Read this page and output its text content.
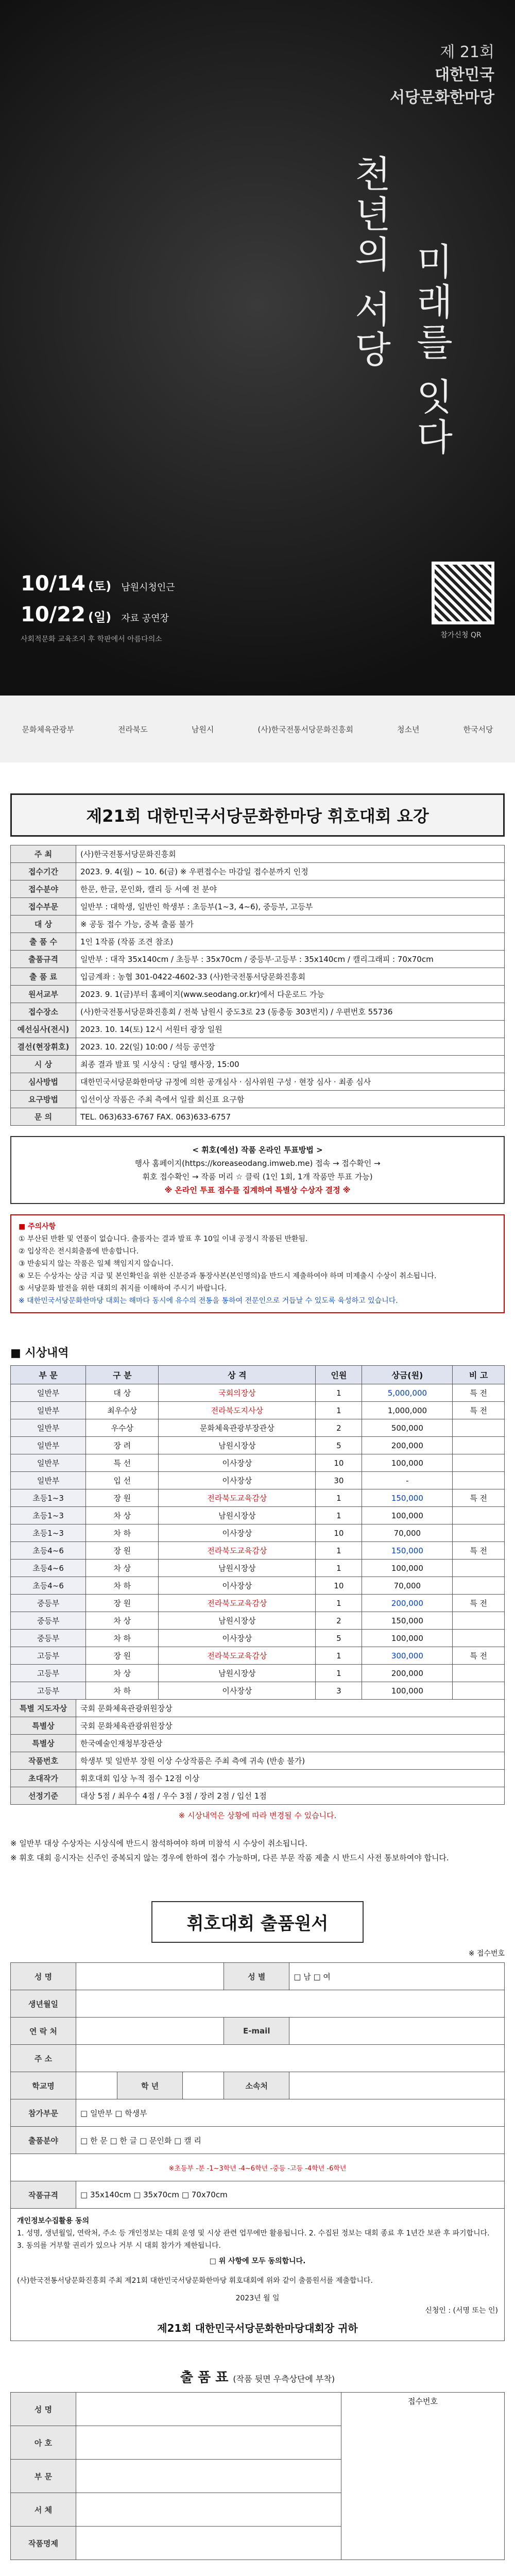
제 21회
대한민국
서당문화한마당
천년의 서당 미래를 잇다
10/14 (토) 남원시청인근
10/22 (일) 자료 공연장
사회적문화 교육조지 후 학판에서 아름다의소	참가신청 QR
문화체육관광부	전라북도	남원시	(사)한국전통서당문화진흥회	청소년	한국서당
제21회 대한민국서당문화한마당 휘호대회 요강
주 최	(사)한국전통서당문화진흥회
접수기간	2023. 9. 4(월) ~ 10. 6(금) ※ 우편접수는 마감일 접수분까지 인정
접수분야	한문, 한글, 문인화, 캘리 등 서예 전 분야
접수부문	일반부 : 대학생, 일반인 학생부 : 초등부(1~3, 4~6), 중등부, 고등부
대 상	※ 공동 접수 가능, 중복 출품 불가
출 품 수	1인 1작품 (작품 조견 참조)
출품규격	일반부 : 대작 35x140cm / 초등부 : 35x70cm / 중등부·고등부 : 35x140cm / 캘리그래피 : 70x70cm
출 품 료	입금계좌 : 농협 301-0422-4602-33 (사)한국전통서당문화진흥회
원서교부	2023. 9. 1(금)부터 홈페이지(www.seodang.or.kr)에서 다운로드 가능
접수장소	(사)한국전통서당문화진흥회 / 전북 남원시 중도3로 23 (동충동 303번지) / 우편번호 55736
예선심사(전시)	2023. 10. 14(토) 12시 서원터 광장 일원
결선(현장휘호)	2023. 10. 22(일) 10:00 / 석등 공연장
시 상	최종 결과 발표 및 시상식 : 당일 행사장, 15:00
심사방법	대한민국서당문화한마당 규정에 의한 공개심사 · 심사위원 구성 · 현장 심사 · 최종 심사
요구방법	입선이상 작품은 주최 측에서 일괄 회신표 요구함
문 의	TEL. 063)633-6767 FAX. 063)633-6757
< 휘호(예선) 작품 온라인 투표방법 >
행사 홈페이지(https://koreaseodang.imweb.me) 접속 → 접수확인 →
휘호 접수확인 → 작품 머리 ☆ 클릭 (1인 1회, 1개 작품만 투표 가능)
※ 온라인 투표 점수를 집계하여 특별상 수상자 결정 ※
■ 주의사항
① 부산된 반환 및 연품이 없습니다. 출품자는 결과 발표 후 10일 이내 공정시 작품된 반환됨.
② 입상작은 전시회출품에 반송합니다.
③ 반송되지 않는 작품은 일체 책임지지 않습니다.
④ 모든 수상자는 상금 지급 및 본인확인을 위한 신분증과 통장사본(본인명의)을 반드시 제출하여야 하며 미제출시 수상이 취소됩니다.
⑤ 서당문화 발전을 위한 대회의 취지를 이해하여 주시기 바랍니다.
※ 대한민국서당문화한마당 대회는 해마다 동시에 유수의 전통을 통하여 전문인으로 거듭날 수 있도록 육성하고 있습니다.
■ 시상내역
부 문	구 분	상 격	인원	상금(원)	비 고
일반부	대 상	국회의장상	1	5,000,000	특 전
일반부	최우수상	전라북도지사상	1	1,000,000	특 전
일반부	우수상	문화체육관광부장관상	2	500,000	
일반부	장 려	남원시장상	5	200,000	
일반부	특 선	이사장상	10	100,000	
일반부	입 선	이사장상	30	-	
초등1~3	장 원	전라북도교육감상	1	150,000	특 전
초등1~3	차 상	남원시장상	1	100,000	
초등1~3	차 하	이사장상	10	70,000	
초등4~6	장 원	전라북도교육감상	1	150,000	특 전
초등4~6	차 상	남원시장상	1	100,000	
초등4~6	차 하	이사장상	10	70,000	
중등부	장 원	전라북도교육감상	1	200,000	특 전
중등부	차 상	남원시장상	2	150,000	
중등부	차 하	이사장상	5	100,000	
고등부	장 원	전라북도교육감상	1	300,000	특 전
고등부	차 상	남원시장상	1	200,000	
고등부	차 하	이사장상	3	100,000	
특별 지도자상	국회 문화체육관광위원장상
특별상	국회 문화체육관광위원장상
특별상	한국예술인재청부장관상
작품번호	학생부 및 일반부 장원 이상 수상작품은 주최 측에 귀속 (반송 불가)
초대작가	휘호대회 입상 누적 점수 12점 이상
선정기준	대상 5점 / 최우수 4점 / 우수 3점 / 장려 2점 / 입선 1점
※ 시상내역은 상황에 따라 변경될 수 있습니다.
※ 일반부 대상 수상자는 시상식에 반드시 참석하여야 하며 미참석 시 수상이 취소됩니다.
※ 휘호 대회 응시자는 신주인 중복되지 않는 경우에 한하여 접수 가능하며, 다른 부문 작품 제출 시 반드시 사전 통보하여야 합니다.
휘호대회 출품원서
※ 접수번호
성 명				성 별	□ 남 □ 여
생년월일					
연 락 처				E-mail	
주 소					
학교명		학 년		소속처	
참가부문	□ 일반부 □ 학생부				
출품분야	□ 한 문 □ 한 글 □ 문인화 □ 캘 리				
※초등부 -분 -1~3학년 -4~6학년 -중등 -고등 -4학년 -6학년					
작품규격	□ 35x140cm □ 35x70cm □ 70x70cm				
개인정보수집활용 동의
1. 성명, 생년월일, 연락처, 주소 등 개인정보는 대회 운영 및 시상 관련 업무에만 활용됩니다. 2. 수집된 정보는 대회 종료 후 1년간 보관 후 파기합니다. 3. 동의를 거부할 권리가 있으나 거부 시 대회 참가가 제한됩니다.
□ 위 사항에 모두 동의합니다.
(사)한국전통서당문화진흥회 주최 제21회 대한민국서당문화한마당 휘호대회에 위와 같이 출품원서를 제출합니다.
2023년 월 일
신청인 : (서명 또는 인)
제21회 대한민국서당문화한마당대회장 귀하
출 품 표 (작품 뒷면 우측상단에 부착)
성 명		접수번호
아 호		
부 문		
서 체		
작품명제		
